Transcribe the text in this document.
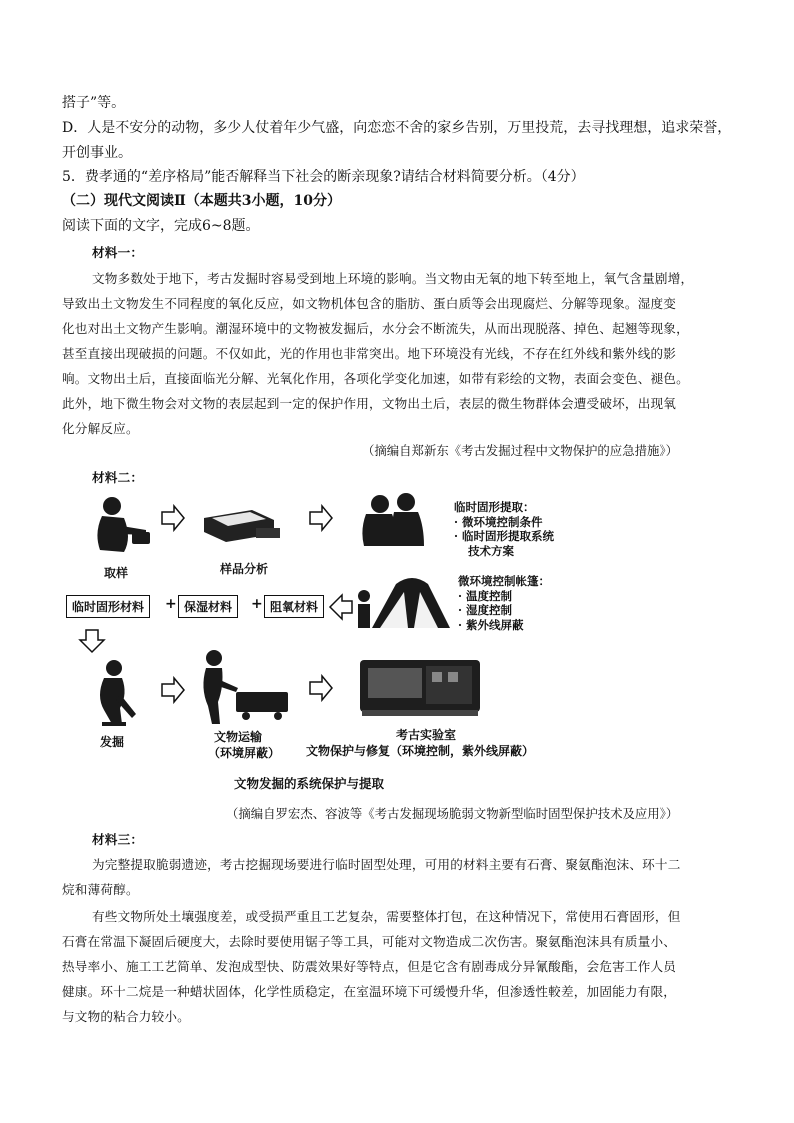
搭子”等。
D．人是不安分的动物，多少人仗着年少气盛，向恋恋不舍的家乡告别，万里投荒，去寻找理想，追求荣誉，
开创事业。
5．费孝通的“差序格局”能否解释当下社会的断亲现象?请结合材料简要分析。（4分）
（二）现代文阅读Ⅱ（本题共3小题，10分）
阅读下面的文字，完成6~8题。
材料一：
文物多数处于地下，考古发掘时容易受到地上环境的影响。当文物由无氧的地下转至地上，氧气含量剧增，
导致出土文物发生不同程度的氧化反应，如文物机体包含的脂肪、蛋白质等会出现腐烂、分解等现象。湿度变
化也对出土文物产生影响。潮湿环境中的文物被发掘后，水分会不断流失，从而出现脱落、掉色、起翘等现象，
甚至直接出现破损的问题。不仅如此，光的作用也非常突出。地下环境没有光线，不存在红外线和紫外线的影
响。文物出土后，直接面临光分解、光氧化作用，各项化学变化加速，如带有彩绘的文物，表面会变色、褪色。
此外，地下微生物会对文物的表层起到一定的保护作用，文物出土后，表层的微生物群体会遭受破坏，出现氧
化分解反应。
（摘编自郑新东《考古发掘过程中文物保护的应急措施》）
材料二：
取样	样品分析
临时固形提取：
· 微环境控制条件
· 临时固形提取系统
技术方案
微环境控制帐篷：
· 温度控制
· 湿度控制
· 紫外线屏蔽
临时固形材料	+ 保湿材料	+ 阻氧材料
发掘	文物运输
（环境屏蔽）
考古实验室
文物保护与修复（环境控制，紫外线屏蔽）
文物发掘的系统保护与提取
（摘编自罗宏杰、容波等《考古发掘现场脆弱文物新型临时固型保护技术及应用》）
材料三：
为完整提取脆弱遗迹，考古挖掘现场要进行临时固型处理，可用的材料主要有石膏、聚氨酯泡沫、环十二
烷和薄荷醇。
有些文物所处土壤强度差，或受损严重且工艺复杂，需要整体打包，在这种情况下，常使用石膏固形，但
石膏在常温下凝固后硬度大，去除时要使用锯子等工具，可能对文物造成二次伤害。聚氨酯泡沫具有质量小、
热导率小、施工工艺简单、发泡成型快、防震效果好等特点，但是它含有剧毒成分异氰酸酯，会危害工作人员
健康。环十二烷是一种蜡状固体，化学性质稳定，在室温环境下可缓慢升华，但渗透性較差，加固能力有限，
与文物的粘合力较小。
